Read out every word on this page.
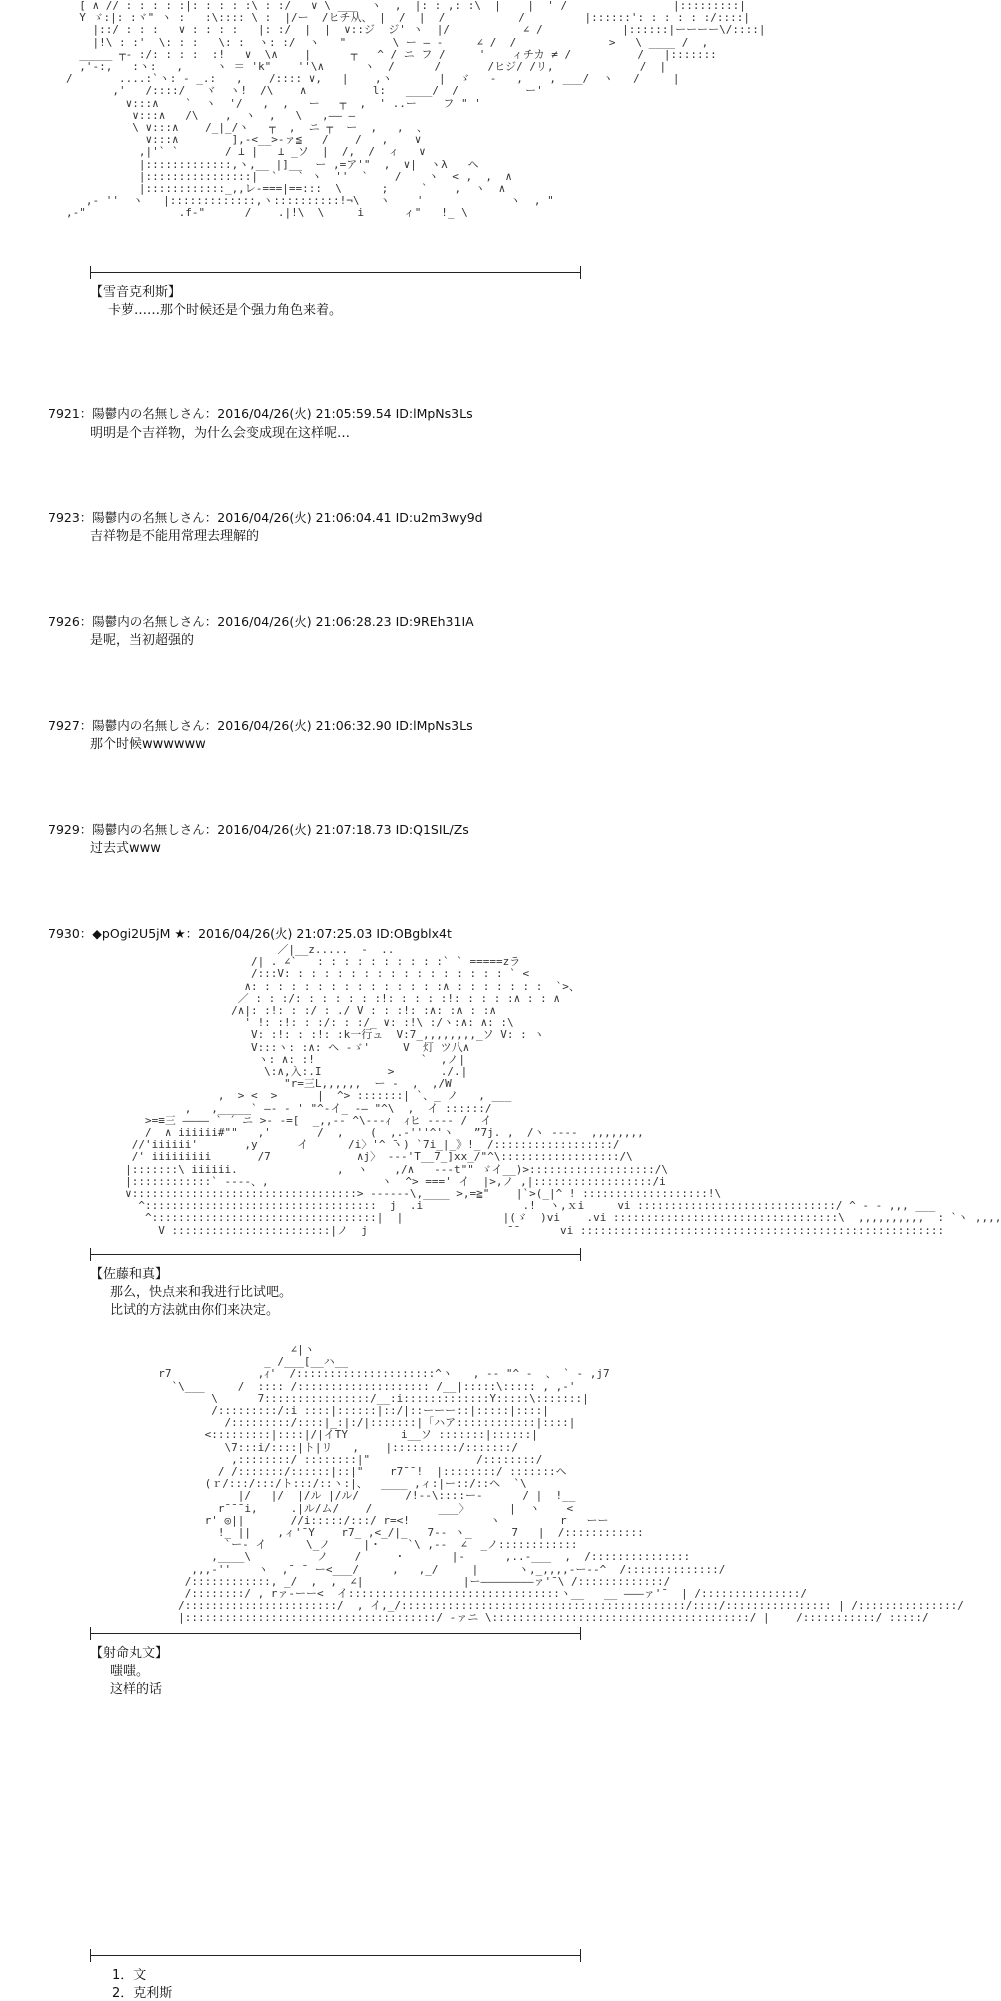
[ ∧ // : : : : :|: : : : :\ : :/   ∨ \ ___  ヽ  ,  |: : ,: :\  |    |  ' /                |:::::::::|
Y ゞ:|: :ヾ" ヽ :   :\:::: \ :  |/ー  /ヒチ从、 |  /  |  /           /         |::::::': : : : : :/::::|
|::/ : : :   ∨ : : : :   |: :/  |  |  ∨::ジ  ジ' ヽ  |/           ∠ /            |::::::|ーーーー\/::::|
|!\ : :'  \: : :   \: :  ヽ: :/  ヽ   "       \ ー ― ‐     ∠ /  /              >   \ ____ /  ,
_____ ┬‐ :/: : : :  :!   ∨  \∧    |      ┬   ^ / ニ フ /     '    ィチカ ≠ /          /   |:::::::
,'‐:,   :ヽ:   ,     ヽ ＝ 'k"    ''\∧      ヽ  /      /       /ヒジ/ /リ,             /  |
/       ....:`ヽ: ‐ _.:   ,    /:::: ∨,   |    ,ヽ       |  ゞ   -   ,    , ___/  ヽ   /     |
,'   /::::/   ヾ  ヽ!  /\    ∧          l:   ____/  /          ー'
∨:::∧    `  ヽ  '/   ,  ,   ー   ┬  ,  ' ..ー    フ " '
∨:::∧   /\    ,  ヽ  ,   \   ,―― ―
\ ∨:::∧    /_|_/ヽ   ┬  ,  ニ ┬  ー  ,   ,  、
∨:::∧        ],-<__>-ァ≦   /    /   ,    ∨
,|'` `       / ⊥ |   ⊥ _ソ  |  /,  /  ィ   ∨
|:::::::::::::,ヽ,__ |]__  ー ,=ア'"  ,  ∨|  ヽλ   ヘ
|::::::::::::::::|  `   ` ヽ  ''  `    /    ヽ  < ,  ,  ∧
|::::::::::::_,,レ‐===|==:::  \      ;     `    ,  ヽ  ∧
,- ''  ヽ   |:::::::::::::,ヽ::::::::::!¬\   ヽ    '             ヽ  , "
,-"              .f-"      /    .|!\  \     i      ィ"   !_ \
【雪音克利斯】
卡萝……那个时候还是个强力角色来着。
7921：陽鬱内の名無しさん：2016/04/26(火) 21:05:59.54 ID:lMpNs3Ls
明明是个吉祥物，为什么会变成现在这样呢…
7923：陽鬱内の名無しさん：2016/04/26(火) 21:06:04.41 ID:u2m3wy9d
吉祥物是不能用常理去理解的
7926：陽鬱内の名無しさん：2016/04/26(火) 21:06:28.23 ID:9REh31IA
是呢，当初超强的
7927：陽鬱内の名無しさん：2016/04/26(火) 21:06:32.90 ID:lMpNs3Ls
那个时候wwwwww
7929：陽鬱内の名無しさん：2016/04/26(火) 21:07:18.73 ID:Q1SIL/Zs
过去式www
7930：◆pOgi2U5jM ★：2016/04/26(火) 21:07:25.03 ID:OBgblx4t
／|__z.....  -  ..
/| . ∠`   : : : : : : : : : :` ` =====zラ
/:::V: : : : : : : : : : : : : : : : : ` <
∧: : : : : : : : : : : : : : :∧ : : : : : : :  `>、
／ : : :/: : : : : : :!: : : : :!: : : : :∧ : : ∧
/∧|: :!: : :/ : ./ V : : :!: :∧: :∧ : :∧
' !: :!: : :/: : :/_ ∨: :!\ :/ヽ:∧: ∧: :\
V: :!: : :!: :k一行ュ  V:7_,,,,,,,,_ソ V: : ヽ
V:::ヽ: :∧: ヘ ‐ゞ'     V  灯 ツ八∧
ヽ: ∧: :!                `  ,ノ|
\:∧,入:.I          >       ./.|
"r=三L,,,,,,  ー ‐  ,  ,/W
,  > <  >      |  ^> :::::::| `、_ ノ   , ___
,   ,_____` ―- ‐ ' "^-イ_ -― "^\  ,  イ ::::::/
>=≡三 ―――― ` ´ ニ >- -=[  _,,-- ^\---ｨ  ｨヒ ---- /  イ
/  ∧ iiiiii#""   ,'       /  ,    (  ,.-'''^'ヽ   ”7j. ,  /ヽ -‐--  ,,,,,,,,
//'iiiiii'       ,y      イ      /i〉'^ ̄ヽ) `7i_|_》!_ /::::::::::::::::::/
/' iiiiiiiii       /7             ∧j〉 ---'T__7_]xx_/"^\::::::::::::::::::/\
|:::::::\ iiiiii.               ,  ヽ    ,/∧   ---t"" ゞイ__)>:::::::::::::::::::/\
|::::::::::::` --‐-、,                 ヽ  ^> ===' イ  |>,ノ ,|::::::::::::::::::/i
∨::::::::::::::::::::::::::::::::::> -----‐\,____ >,=≧"    |`>(_|^ ! :::::::::::::::::::!\
^:::::::::::::::::::::::::::::::::::  j  .i               .!  ヽ,ｘi     vi ::::::::::::::::::::::::::::::/ ^ ‐ - ,,, ___
^::::::::::::::::::::::::::::::::::|  |               |(ゞ  )vi    .vi ::::::::::::::::::::::::::::::::::\  ,,,,,,,,,,  : `ヽ ,,,,
V ::::::::::::::::::::::::|ノ  j                     ̄ ̄       vi :::::::::::::::::::::::::::::::::::::::::::::::::::::::
【佐藤和真】
那么，快点来和我进行比试吧。
比试的方法就由你们来决定。
∠|ヽ
_ /___[__ハ__
r7             ,ｨ'  /:::::::::::::::::::::^ヽ   , ‐‐ "^ ‐  、 ` - ,j7
`\___     /  :::: /:::::::::::::::::::: /__|:::::\::::: , ,-'
\      7::::::::::::::::/__:i:::::::::::::Y:::::\:::::::|
/:::::::::/:i ::::|::::::|::/|::ーーー::|:::::|::::|
/:::::::::/::::|_:|:/|:::::::|「ハア::::::::::::|::::|
<:::::::::|::::|/|イTY        i__ソ :::::::|::::::|
\7:::i/::::|ト|リ   ,    |::::::::::/:::::::/
,::::::::/ ::::::::|"                /::::::::/
/ /:::::::/::::::|::|"    r7¯¯!  |::::::::/ :::::::ヘ
(ｒ/:::/:::/ト:::/::ヽ:|、  ____ ,ィ:|ー::/::ヘ  `\
|/   |/  |/ル |/ル/       /!‐-\::::ー‐      / |  !__
r¯¯¯i,     .|ル/ム/    /          ___〉      |  ヽ    <
r' ◎||       //i:::::/:::/ r=<!            ヽ         r   ーー
!_ ||    ,ィ'¯Y    r7_ ,<_/|_   7-- ヽ_      7   |  /::::::::::::
`ー‐ イ      \_ノ     |・    `\ ,--  ∠  _ノ::::::::::::
,____\          ノ    /     ・       |-      ,..-___  ,  /:::::::::::::::
,,,-''    ヽ  ,¯ ¯ ー<___/     ,   ,_/     |      ヽ,_,,,,-ー‐‐^  /::::::::::::::/
/::::::::::::, _/  ,  ,  ∠|               |ー――――――――ァ'¯\ /:::::::::::::/
/::::::::/ , rァ‐ーー<  イ::::::::::::::::::::::::::::::::ヽ__   __ ―――ァ'¯  | /:::::::::::::::/
/:::::::::::::::::::::::/  , イ,_/:::::::::::::::::::::::::::::::::::::::::::/::::/:::::::::::::::: | /:::::::::::::::/
|::::::::::::::::::::::::::::::::::::::/ ‐ァニ \:::::::::::::::::::::::::::::::::::::::/ |    /:::::::::::/ :::::/
【射命丸文】
嗤嗤。
这样的话
1．文
2．克利斯
